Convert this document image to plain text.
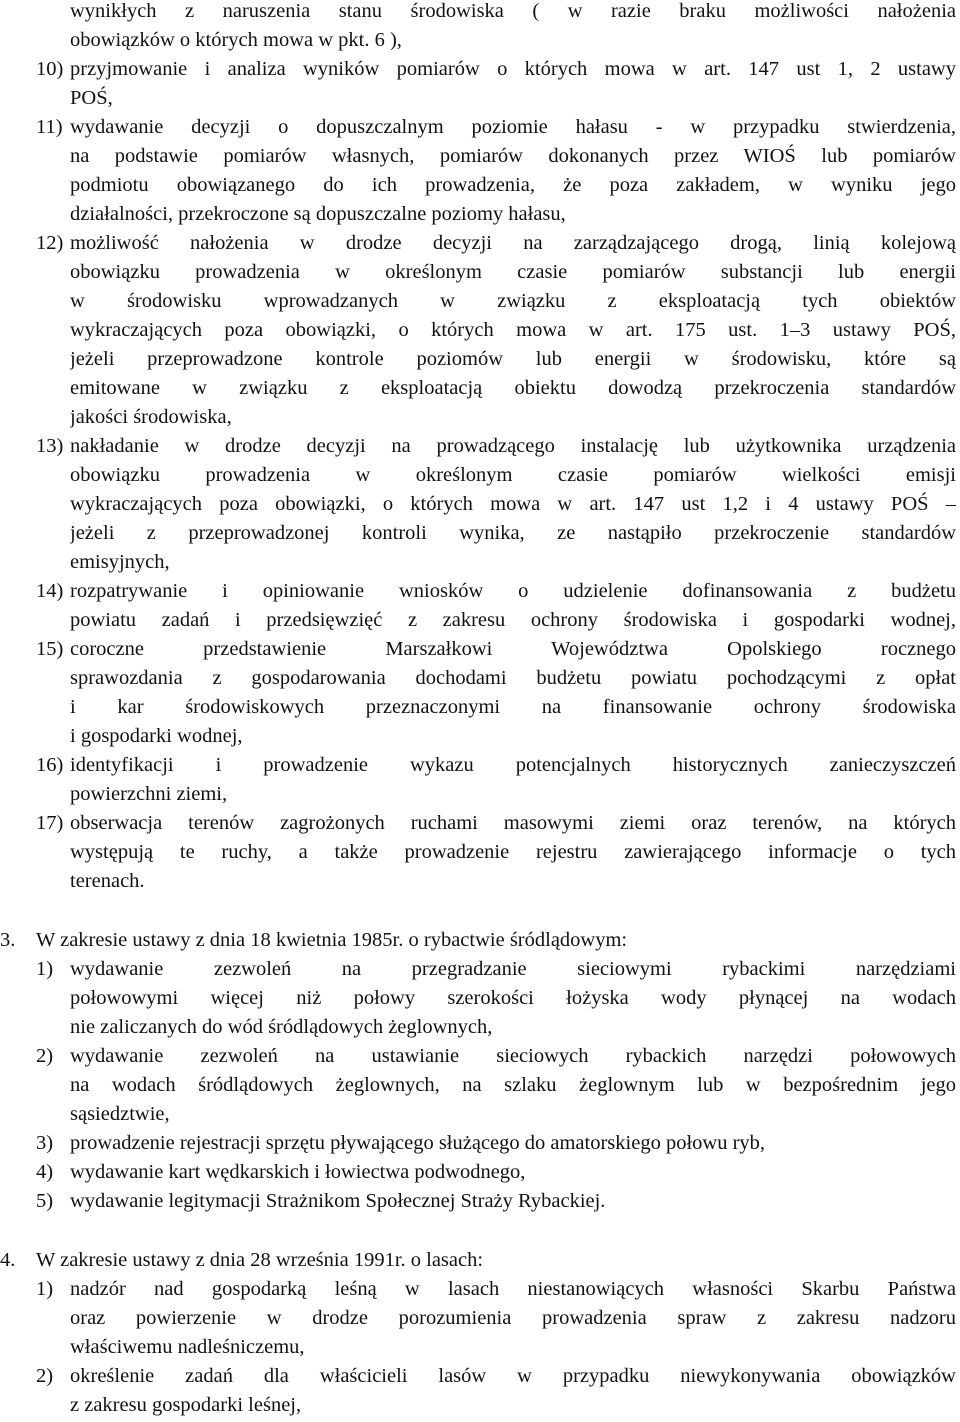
wynikłych z naruszenia stanu środowiska ( w razie braku możliwości nałożenia
obowiązków o których mowa w pkt. 6 ),
10) przyjmowanie i analiza wyników pomiarów o których mowa w art. 147 ust 1, 2 ustawy
POŚ,
11) wydawanie decyzji o dopuszczalnym poziomie hałasu - w przypadku stwierdzenia,
na podstawie pomiarów własnych, pomiarów dokonanych przez WIOŚ lub pomiarów
podmiotu obowiązanego do ich prowadzenia, że poza zakładem, w wyniku jego
działalności, przekroczone są dopuszczalne poziomy hałasu,
12) możliwość nałożenia w drodze decyzji na zarządzającego drogą, linią kolejową
obowiązku prowadzenia w określonym czasie pomiarów substancji lub energii
w środowisku wprowadzanych w związku z eksploatacją tych obiektów
wykraczających poza obowiązki, o których mowa w art. 175 ust. 1–3 ustawy POŚ,
jeżeli przeprowadzone kontrole poziomów lub energii w środowisku, które są
emitowane w związku z eksploatacją obiektu dowodzą przekroczenia standardów
jakości środowiska,
13) nakładanie w drodze decyzji na prowadzącego instalację lub użytkownika urządzenia
obowiązku prowadzenia w określonym czasie pomiarów wielkości emisji
wykraczających poza obowiązki, o których mowa w art. 147 ust 1,2 i 4 ustawy POŚ –
jeżeli z przeprowadzonej kontroli wynika, ze nastąpiło przekroczenie standardów
emisyjnych,
14) rozpatrywanie i opiniowanie wniosków o udzielenie dofinansowania z budżetu
powiatu zadań i przedsięwzięć z zakresu ochrony środowiska i gospodarki wodnej,
15) coroczne przedstawienie Marszałkowi Województwa Opolskiego rocznego
sprawozdania z gospodarowania dochodami budżetu powiatu pochodzącymi z opłat
i kar środowiskowych przeznaczonymi na finansowanie ochrony środowiska
i gospodarki wodnej,
16) identyfikacji i prowadzenie wykazu potencjalnych historycznych zanieczyszczeń
powierzchni ziemi,
17) obserwacja terenów zagrożonych ruchami masowymi ziemi oraz terenów, na których
występują te ruchy, a także prowadzenie rejestru zawierającego informacje o tych
terenach.
3.	W zakresie ustawy z dnia 18 kwietnia 1985r. o rybactwie śródlądowym:
1) wydawanie zezwoleń na przegradzanie sieciowymi rybackimi narzędziami
połowowymi więcej niż połowy szerokości łożyska wody płynącej na wodach
nie zaliczanych do wód śródlądowych żeglownych,
2) wydawanie zezwoleń na ustawianie sieciowych rybackich narzędzi połowowych
na wodach śródlądowych żeglownych, na szlaku żeglownym lub w bezpośrednim jego
sąsiedztwie,
3) prowadzenie rejestracji sprzętu pływającego służącego do amatorskiego połowu ryb,
4) wydawanie kart wędkarskich i łowiectwa podwodnego,
5) wydawanie legitymacji Strażnikom Społecznej Straży Rybackiej.
4.	W zakresie ustawy z dnia 28 września 1991r. o lasach:
1) nadzór nad gospodarką leśną w lasach niestanowiących własności Skarbu Państwa
oraz powierzenie w drodze porozumienia prowadzenia spraw z zakresu nadzoru
właściwemu nadleśniczemu,
2) określenie zadań dla właścicieli lasów w przypadku niewykonywania obowiązków
z zakresu gospodarki leśnej,
